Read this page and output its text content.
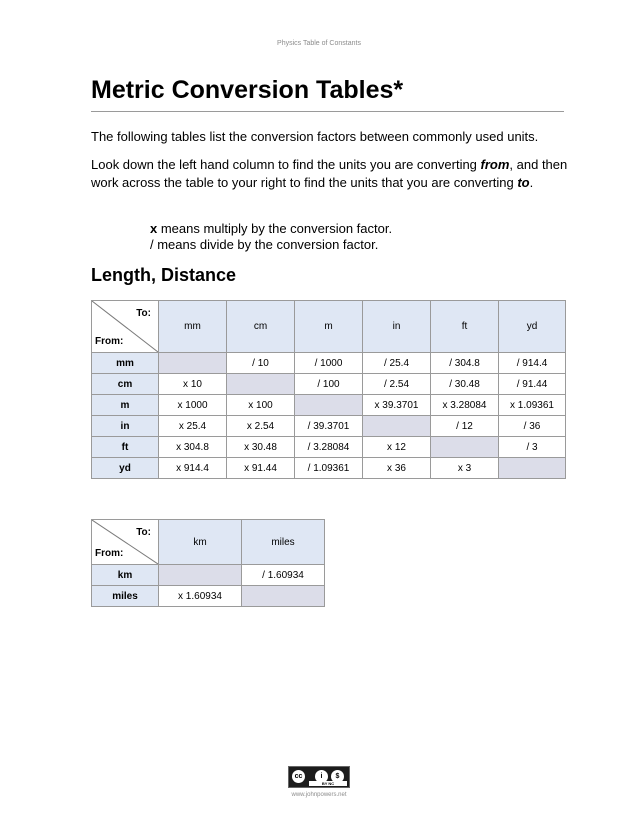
Physics Table of Constants
Metric Conversion Tables*

The following tables list the conversion factors between commonly used units.

Look down the left hand column to find the units you are converting from, and then work across the table to your right to find the units that you are converting to.

x means multiply by the conversion factor.

/ means divide by the conversion factor.

Length, Distance
To:
From:	mm	cm	m	in	ft	yd
mm		/ 10	/ 1000	/ 25.4	/ 304.8	/ 914.4
cm	x 10		/ 100	/ 2.54	/ 30.48	/ 91.44
m	x 1000	x 100		x 39.3701	x 3.28084	x 1.09361
in	x 25.4	x 2.54	/ 39.3701		/ 12	/ 36
ft	x 304.8	x 30.48	/ 3.28084	x 12		/ 3
yd	x 914.4	x 91.44	/ 1.09361	x 36	x 3	
To:
From:	km	miles
km		/ 1.60934
miles	x 1.60934	
cc	i	$
BY NC
www.johnpowers.net
